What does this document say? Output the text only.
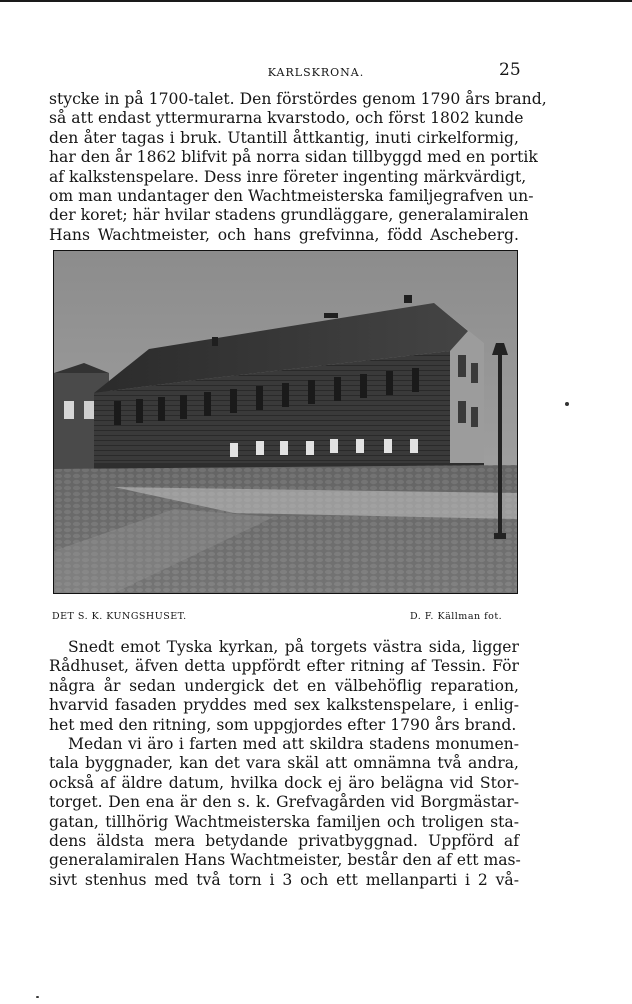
KARLSKRONA.	25
stycke in på 1700-talet. Den förstördes genom 1790 års brand,
så att endast yttermurarna kvarstodo, och först 1802 kunde
den åter tagas i bruk. Utantill åttkantig, inuti cirkelformig,
har den år 1862 blifvit på norra sidan tillbyggd med en portik
af kalkstenspelare. Dess inre företer ingenting märkvärdigt,
om man undantager den Wachtmeisterska familjegrafven un-
der koret; här hvilar stadens grundläggare, generalamiralen
Hans Wachtmeister, och hans grefvinna, född Ascheberg.
DET S. K. KUNGSHUSET.	D. F. Källman fot.
Snedt emot Tyska kyrkan, på torgets västra sida, ligger
Rådhuset, äfven detta uppfördt efter ritning af Tessin. För
några år sedan undergick det en välbehöflig reparation,
hvarvid fasaden pryddes med sex kalkstenspelare, i enlig-
het med den ritning, som uppgjordes efter 1790 års brand.
Medan vi äro i farten med att skildra stadens monumen-
tala byggnader, kan det vara skäl att omnämna två andra,
också af äldre datum, hvilka dock ej äro belägna vid Stor-
torget. Den ena är den s. k. Grefvagården vid Borgmästar-
gatan, tillhörig Wachtmeisterska familjen och troligen sta-
dens äldsta mera betydande privatbyggnad. Uppförd af
generalamiralen Hans Wachtmeister, består den af ett mas-
sivt stenhus med två torn i 3 och ett mellanparti i 2 vå-
